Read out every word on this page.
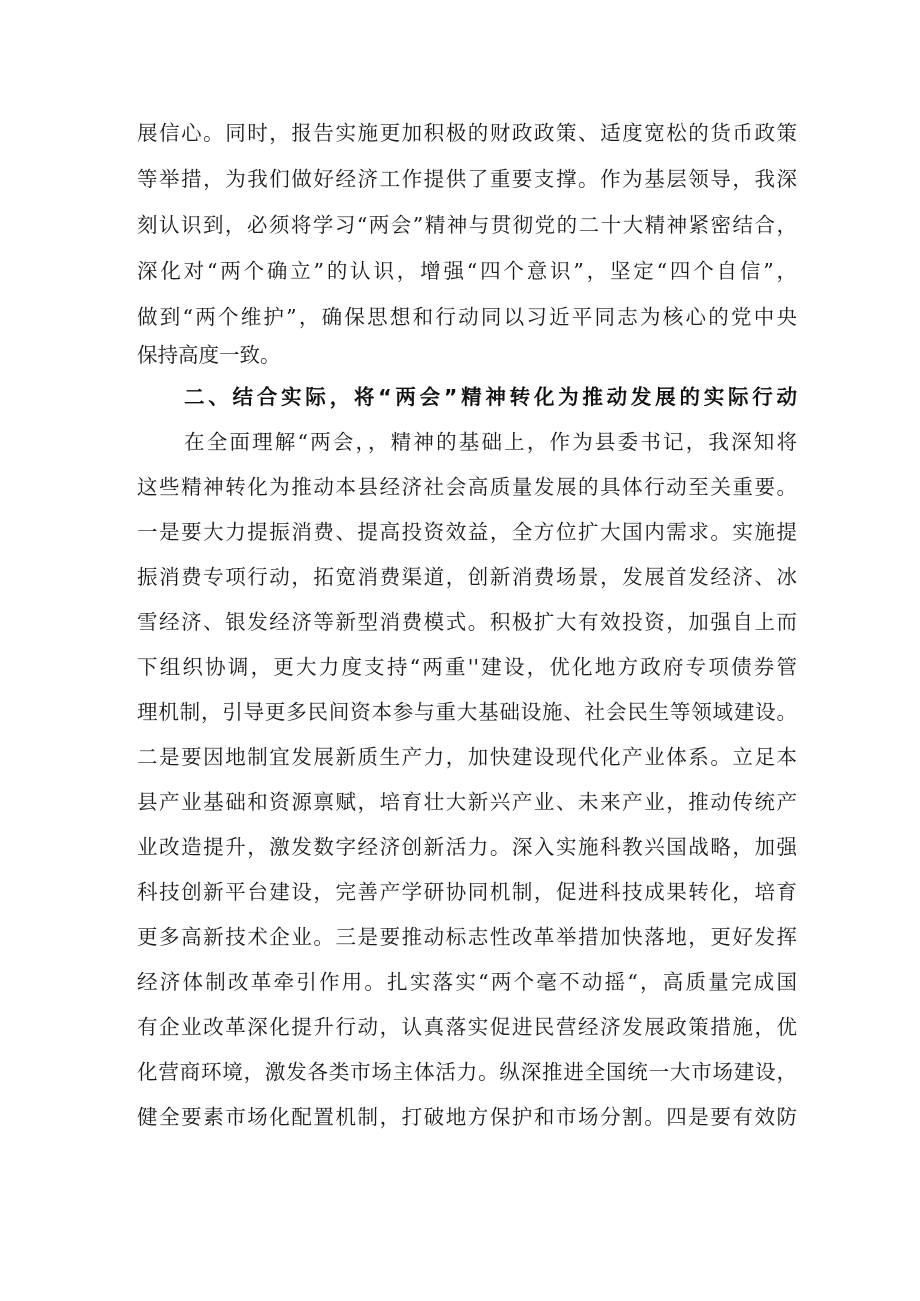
展信心。同时，报告实施更加积极的财政政策、适度宽松的货币政策
等举措，为我们做好经济工作提供了重要支撑。作为基层领导，我深
刻认识到，必须将学习“两会”精神与贯彻党的二十大精神紧密结合，
深化对“两个确立”的认识，增强“四个意识”，坚定“四个自信”，
做到“两个维护”，确保思想和行动同以习近平同志为核心的党中央
保持高度一致。
二、结合实际，将“两会”精神转化为推动发展的实际行动
在全面理解“两会，，精神的基础上，作为县委书记，我深知将
这些精神转化为推动本县经济社会高质量发展的具体行动至关重要。
一是要大力提振消费、提高投资效益，全方位扩大国内需求。实施提
振消费专项行动，拓宽消费渠道，创新消费场景，发展首发经济、冰
雪经济、银发经济等新型消费模式。积极扩大有效投资，加强自上而
下组织协调，更大力度支持“两重''建设，优化地方政府专项债券管
理机制，引导更多民间资本参与重大基础设施、社会民生等领域建设。
二是要因地制宜发展新质生产力，加快建设现代化产业体系。立足本
县产业基础和资源禀赋，培育壮大新兴产业、未来产业，推动传统产
业改造提升，激发数字经济创新活力。深入实施科教兴国战略，加强
科技创新平台建设，完善产学研协同机制，促进科技成果转化，培育
更多高新技术企业。三是要推动标志性改革举措加快落地，更好发挥
经济体制改革牵引作用。扎实落实“两个毫不动摇“，高质量完成国
有企业改革深化提升行动，认真落实促进民营经济发展政策措施，优
化营商环境，激发各类市场主体活力。纵深推进全国统一大市场建设，
健全要素市场化配置机制，打破地方保护和市场分割。四是要有效防
